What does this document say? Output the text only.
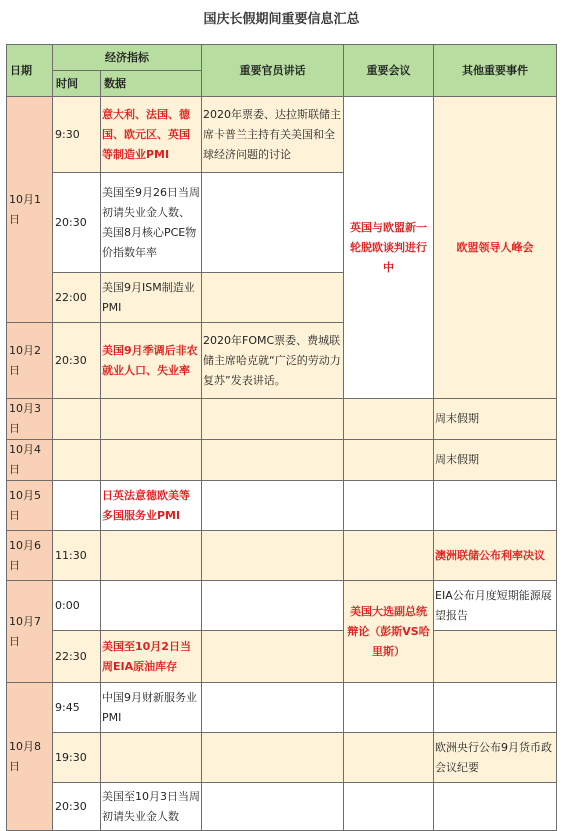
国庆长假期间重要信息汇总
日期	经济指标		重要官员讲话	重要会议	其他重要事件
	时间	数据			
10月1日	9:30	意大利、法国、德国、欧元区、英国等制造业PMI	2020年票委、达拉斯联储主席卡普兰主持有关美国和全球经济问题的讨论	英国与欧盟新一轮脱欧谈判进行中	欧盟领导人峰会
	20:30	美国至9月26日当周初请失业金人数、美国8月核心PCE物价指数年率			
	22:00	美国9月ISM制造业PMI			
10月2日	20:30	美国9月季调后非农就业人口、失业率	2020年FOMC票委、费城联储主席哈克就“广泛的劳动力复苏”发表讲话。		
10月3日					周末假期
10月4日					周末假期
10月5日		日英法意德欧美等多国服务业PMI			
10月6日	11:30				澳洲联储公布利率决议
10月7日	0:00			美国大选副总统辩论（彭斯VS哈里斯）	EIA公布月度短期能源展望报告
	22:30	美国至10月2日当周EIA原油库存			
10月8日	9:45	中国9月财新服务业PMI			
	19:30				欧洲央行公布9月货币政会议纪要
	20:30	美国至10月3日当周初请失业金人数			
